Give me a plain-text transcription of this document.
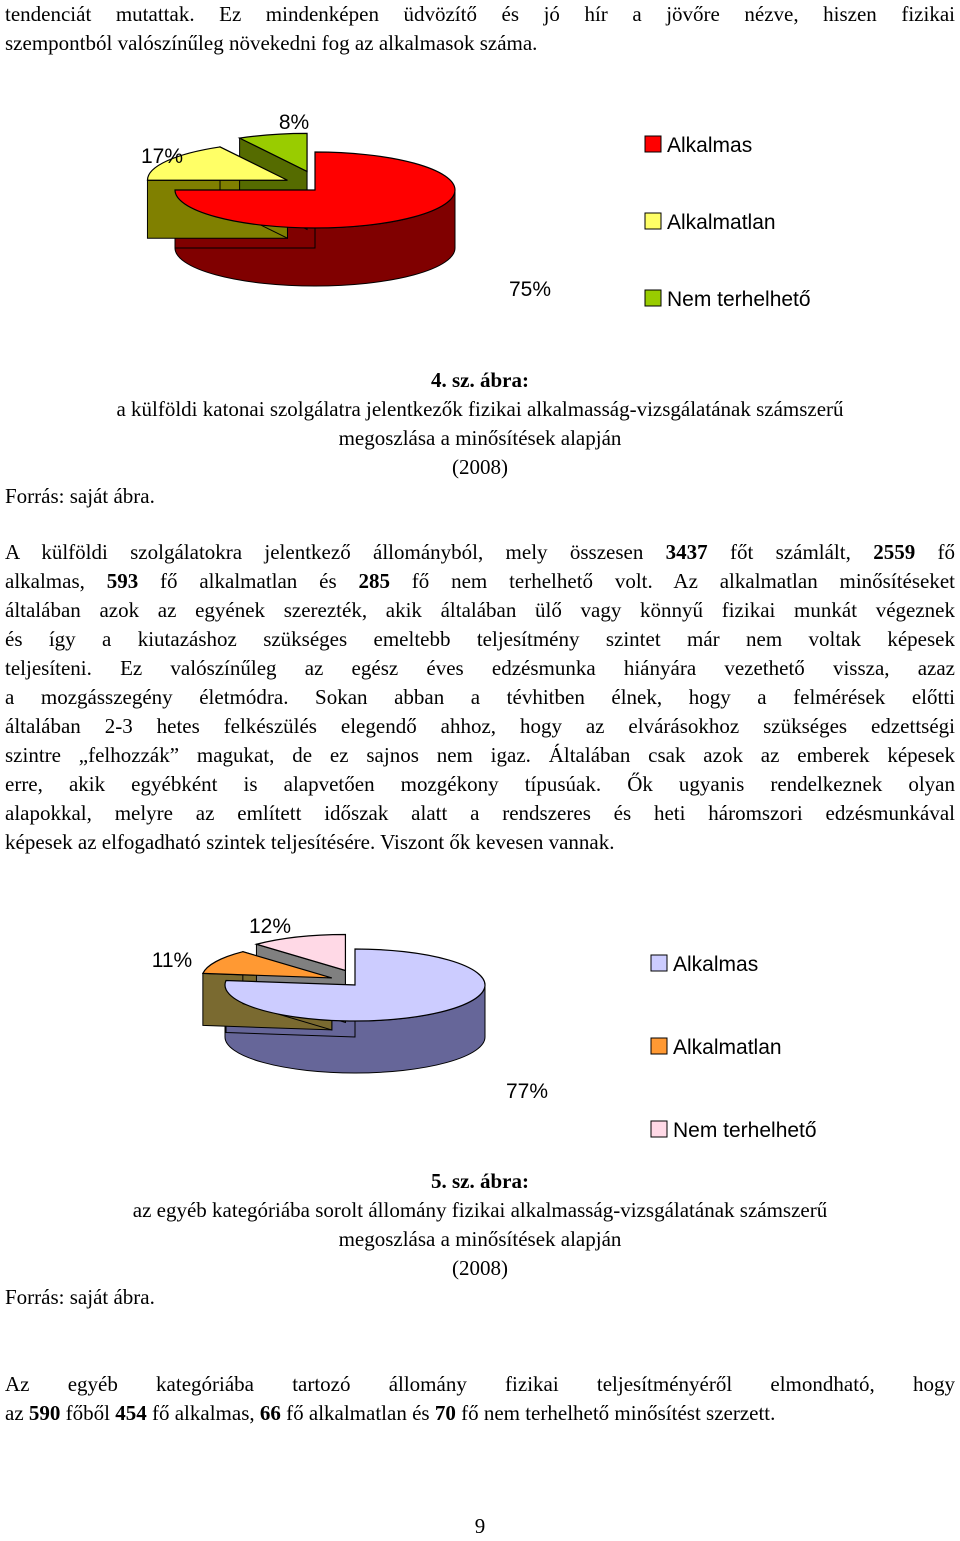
tendenciát mutattak. Ez mindenképen üdvözítő és jó hír a jövőre nézve, hiszen fizikai
szempontból valószínűleg növekedni fog az alkalmasok száma.
75%
17%
8%
Alkalmas
Alkalmatlan
Nem terhelhető
4. sz. ábra:
a külföldi katonai szolgálatra jelentkezők fizikai alkalmasság-vizsgálatának számszerű
megoszlása a minősítések alapján
(2008)
Forrás: saját ábra.
A külföldi szolgálatokra jelentkező állományból, mely összesen 3437 főt számlált, 2559 fő
alkalmas, 593 fő alkalmatlan és 285 fő nem terhelhető volt. Az alkalmatlan minősítéseket
általában azok az egyének szerezték, akik általában ülő vagy könnyű fizikai munkát végeznek
és így a kiutazáshoz szükséges emeltebb teljesítmény szintet már nem voltak képesek
teljesíteni. Ez valószínűleg az egész éves edzésmunka hiányára vezethető vissza, azaz
a mozgásszegény életmódra. Sokan abban a tévhitben élnek, hogy a felmérések előtti
általában 2-3 hetes felkészülés elegendő ahhoz, hogy az elvárásokhoz szükséges edzettségi
szintre „felhozzák” magukat, de ez sajnos nem igaz. Általában csak azok az emberek képesek
erre, akik egyébként is alapvetően mozgékony típusúak. Ők ugyanis rendelkeznek olyan
alapokkal, melyre az említett időszak alatt a rendszeres és heti háromszori edzésmunkával
képesek az elfogadható szintek teljesítésére. Viszont ők kevesen vannak.
77%
11%
12%
Alkalmas
Alkalmatlan
Nem terhelhető
5. sz. ábra:
az egyéb kategóriába sorolt állomány fizikai alkalmasság-vizsgálatának számszerű
megoszlása a minősítések alapján
(2008)
Forrás: saját ábra.
Az egyéb kategóriába tartozó állomány fizikai teljesítményéről elmondható, hogy
az 590 főből 454 fő alkalmas, 66 fő alkalmatlan és 70 fő nem terhelhető minősítést szerzett.
9
